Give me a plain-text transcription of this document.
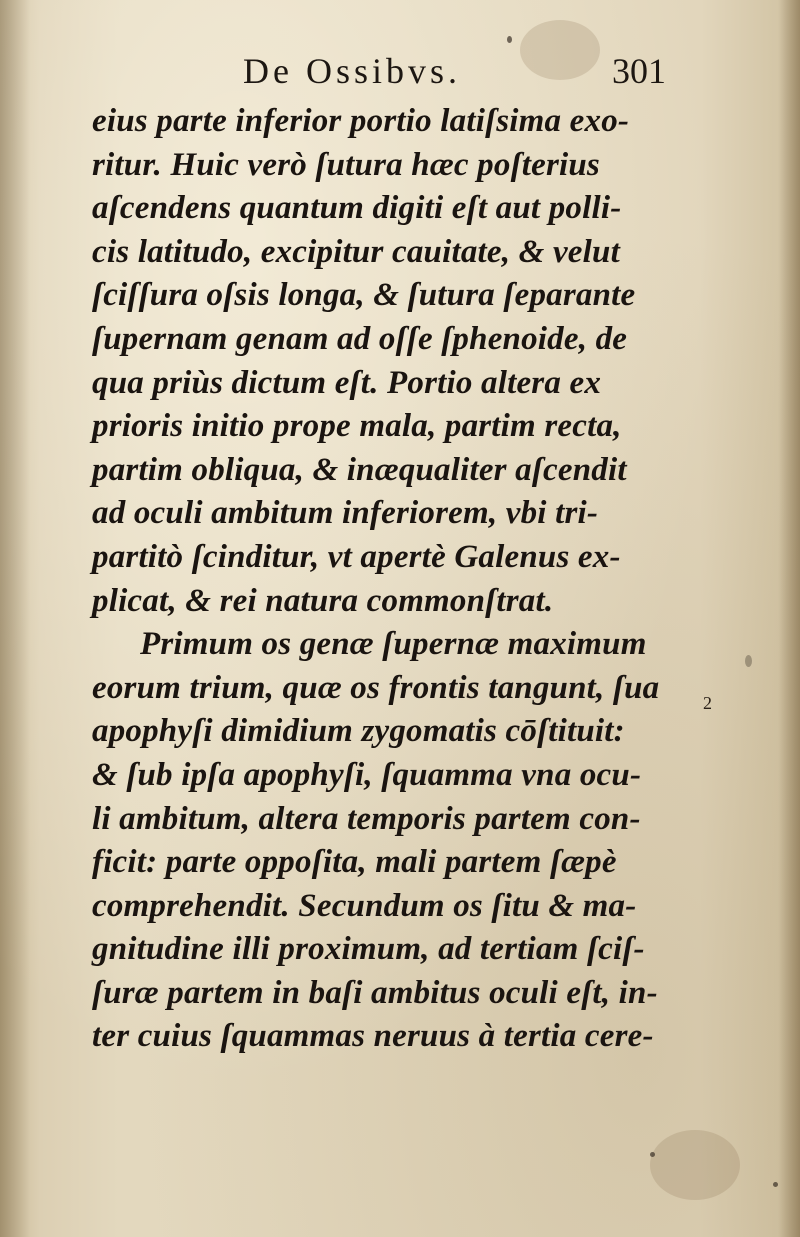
De Ossibvs.	301
eius parte inferior portio latiſsima exo-
ritur. Huic verò ſutura hæc poſterius
aſcendens quantum digiti eſt aut polli-
cis latitudo, excipitur cauitate, & velut
ſciſſura oſsis longa, & ſutura ſeparante
ſupernam genam ad oſſe ſphenoide, de
qua priùs dictum eſt. Portio altera ex
prioris initio prope mala, partim recta,
partim obliqua, & inæqualiter aſcendit
ad oculi ambitum inferiorem, vbi tri-
partitò ſcinditur, vt apertè Galenus ex-
plicat, & rei natura commonſtrat.
Primum os genæ ſupernæ maximum
eorum trium, quæ os frontis tangunt, ſua
apophyſi dimidium zygomatis cōſtituit:
& ſub ipſa apophyſi, ſquamma vna ocu-
li ambitum, altera temporis partem con-
ficit: parte oppoſita, mali partem ſæpè
comprehendit. Secundum os ſitu & ma-
gnitudine illi proximum, ad tertiam ſciſ-
ſuræ partem in baſi ambitus oculi eſt, in-
ter cuius ſquammas neruus à tertia cere-
2
